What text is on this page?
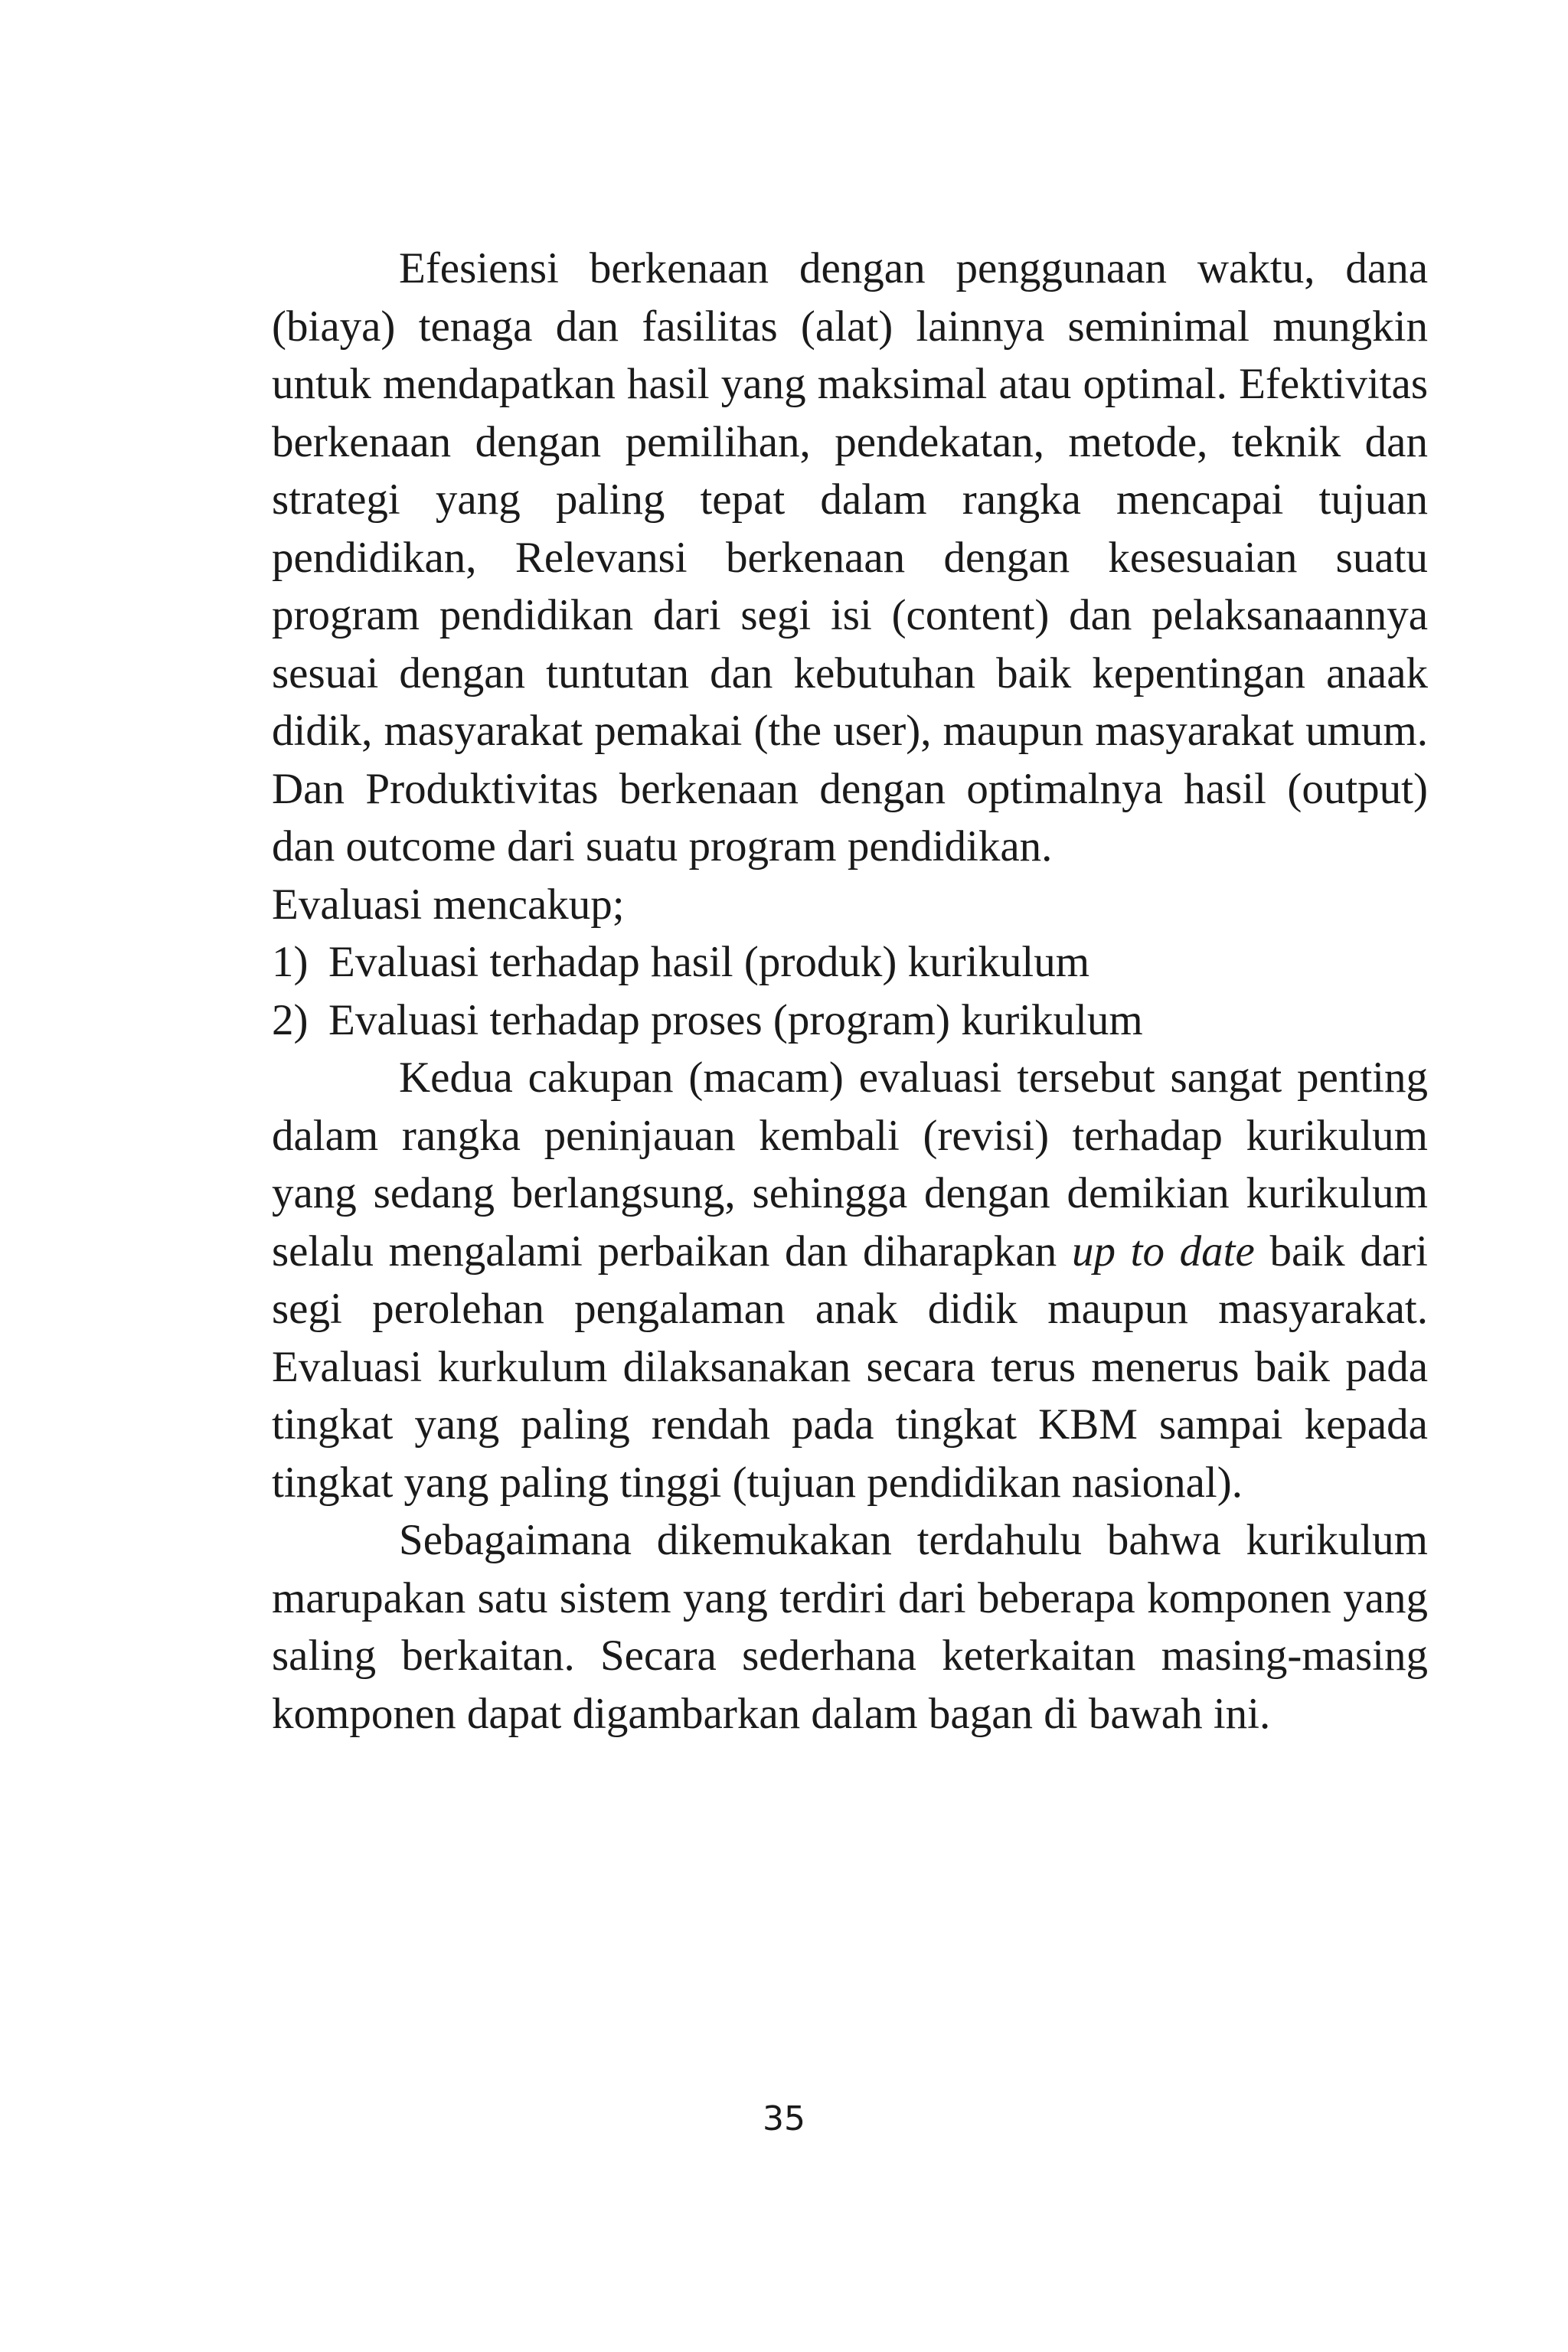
Efesiensi berkenaan dengan penggunaan waktu, dana (biaya) tenaga dan fasilitas (alat) lainnya seminimal mungkin untuk mendapatkan hasil yang maksimal atau optimal. Efektivitas berkenaan dengan pemilihan, pendekatan, metode, teknik dan strategi yang paling tepat dalam rangka mencapai tujuan pendidikan, Relevansi berkenaan dengan kesesuaian suatu program pendidikan dari segi isi (content) dan pelaksanaannya sesuai dengan tuntutan dan kebutuhan baik kepentingan anaak didik, masyarakat pemakai (the user), maupun masyarakat umum. Dan Produktivitas berkenaan dengan optimalnya hasil (output) dan outcome dari suatu program pendidikan.

Evaluasi mencakup;

1) Evaluasi terhadap hasil (produk) kurikulum

2) Evaluasi terhadap proses (program) kurikulum

Kedua cakupan (macam) evaluasi tersebut sangat penting dalam rangka peninjauan kembali (revisi) terhadap kurikulum yang sedang berlangsung, sehingga dengan demikian kurikulum selalu mengalami perbaikan dan diharapkan up to date baik dari segi perolehan pengalaman anak didik maupun masyarakat. Evaluasi kurkulum dilaksanakan secara terus menerus baik pada tingkat yang paling rendah pada tingkat KBM sampai kepada tingkat yang paling tinggi (tujuan pendidikan nasional).

Sebagaimana dikemukakan terdahulu bahwa kurikulum marupakan satu sistem yang terdiri dari beberapa komponen yang saling berkaitan. Secara sederhana keterkaitan masing-masing komponen dapat digambarkan dalam bagan di bawah ini.

35
